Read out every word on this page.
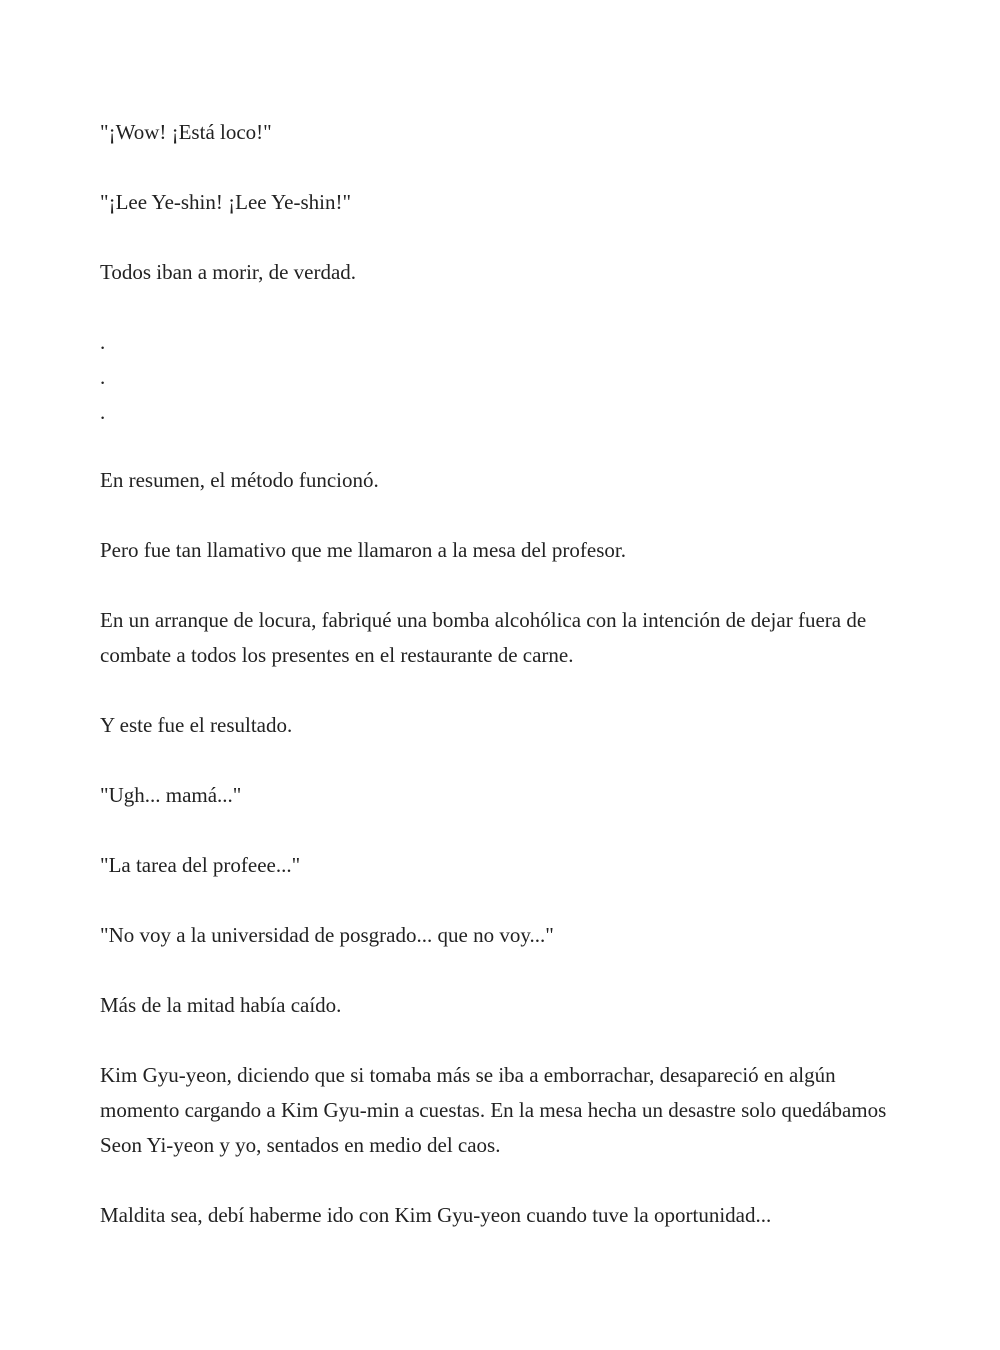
"¡Wow! ¡Está loco!"

"¡Lee Ye-shin! ¡Lee Ye-shin!"

Todos iban a morir, de verdad.

.

.

.

En resumen, el método funcionó.

Pero fue tan llamativo que me llamaron a la mesa del profesor.

En un arranque de locura, fabriqué una bomba alcohólica con la intención de dejar fuera de combate a todos los presentes en el restaurante de carne.

Y este fue el resultado.

"Ugh... mamá..."

"La tarea del profeee..."

"No voy a la universidad de posgrado... que no voy..."

Más de la mitad había caído.

Kim Gyu-yeon, diciendo que si tomaba más se iba a emborrachar, desapareció en algún momento cargando a Kim Gyu-min a cuestas. En la mesa hecha un desastre solo quedábamos Seon Yi-yeon y yo, sentados en medio del caos.

Maldita sea, debí haberme ido con Kim Gyu-yeon cuando tuve la oportunidad...
